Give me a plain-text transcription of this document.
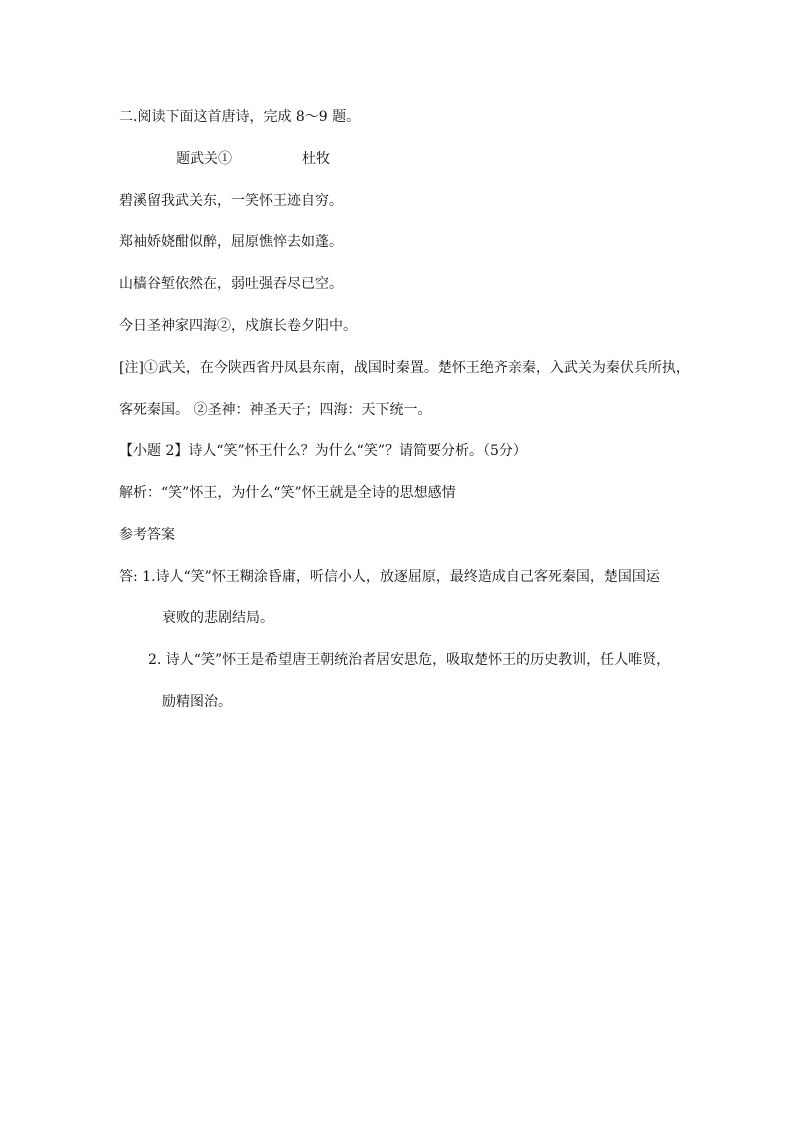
二.阅读下面这首唐诗，完成 8～9 题。
题武关①	杜牧
碧溪留我武关东，一笑怀王迹自穷。
郑袖娇娆酣似醉，屈原憔悴去如蓬。
山樯谷堑依然在，弱吐强吞尽已空。
今日圣神家四海②，戍旗长卷夕阳中。
[注]①武关，在今陕西省丹凤县东南，战国时秦置。楚怀王绝齐亲秦，入武关为秦伏兵所执，
客死秦国。 ②圣神：神圣天子；四海：天下统一。
【小题 2】诗人“笑”怀王什么？为什么“笑”？请简要分析。（5分）
解析：“笑”怀王，为什么“笑”怀王就是全诗的思想感情
参考答案
答: 1.诗人“笑”怀王糊涂昏庸，听信小人，放逐屈原，最终造成自己客死秦国，楚国国运
衰败的悲剧结局。
2. 诗人“笑”怀王是希望唐王朝统治者居安思危，吸取楚怀王的历史教训，任人唯贤，
励精图治。
